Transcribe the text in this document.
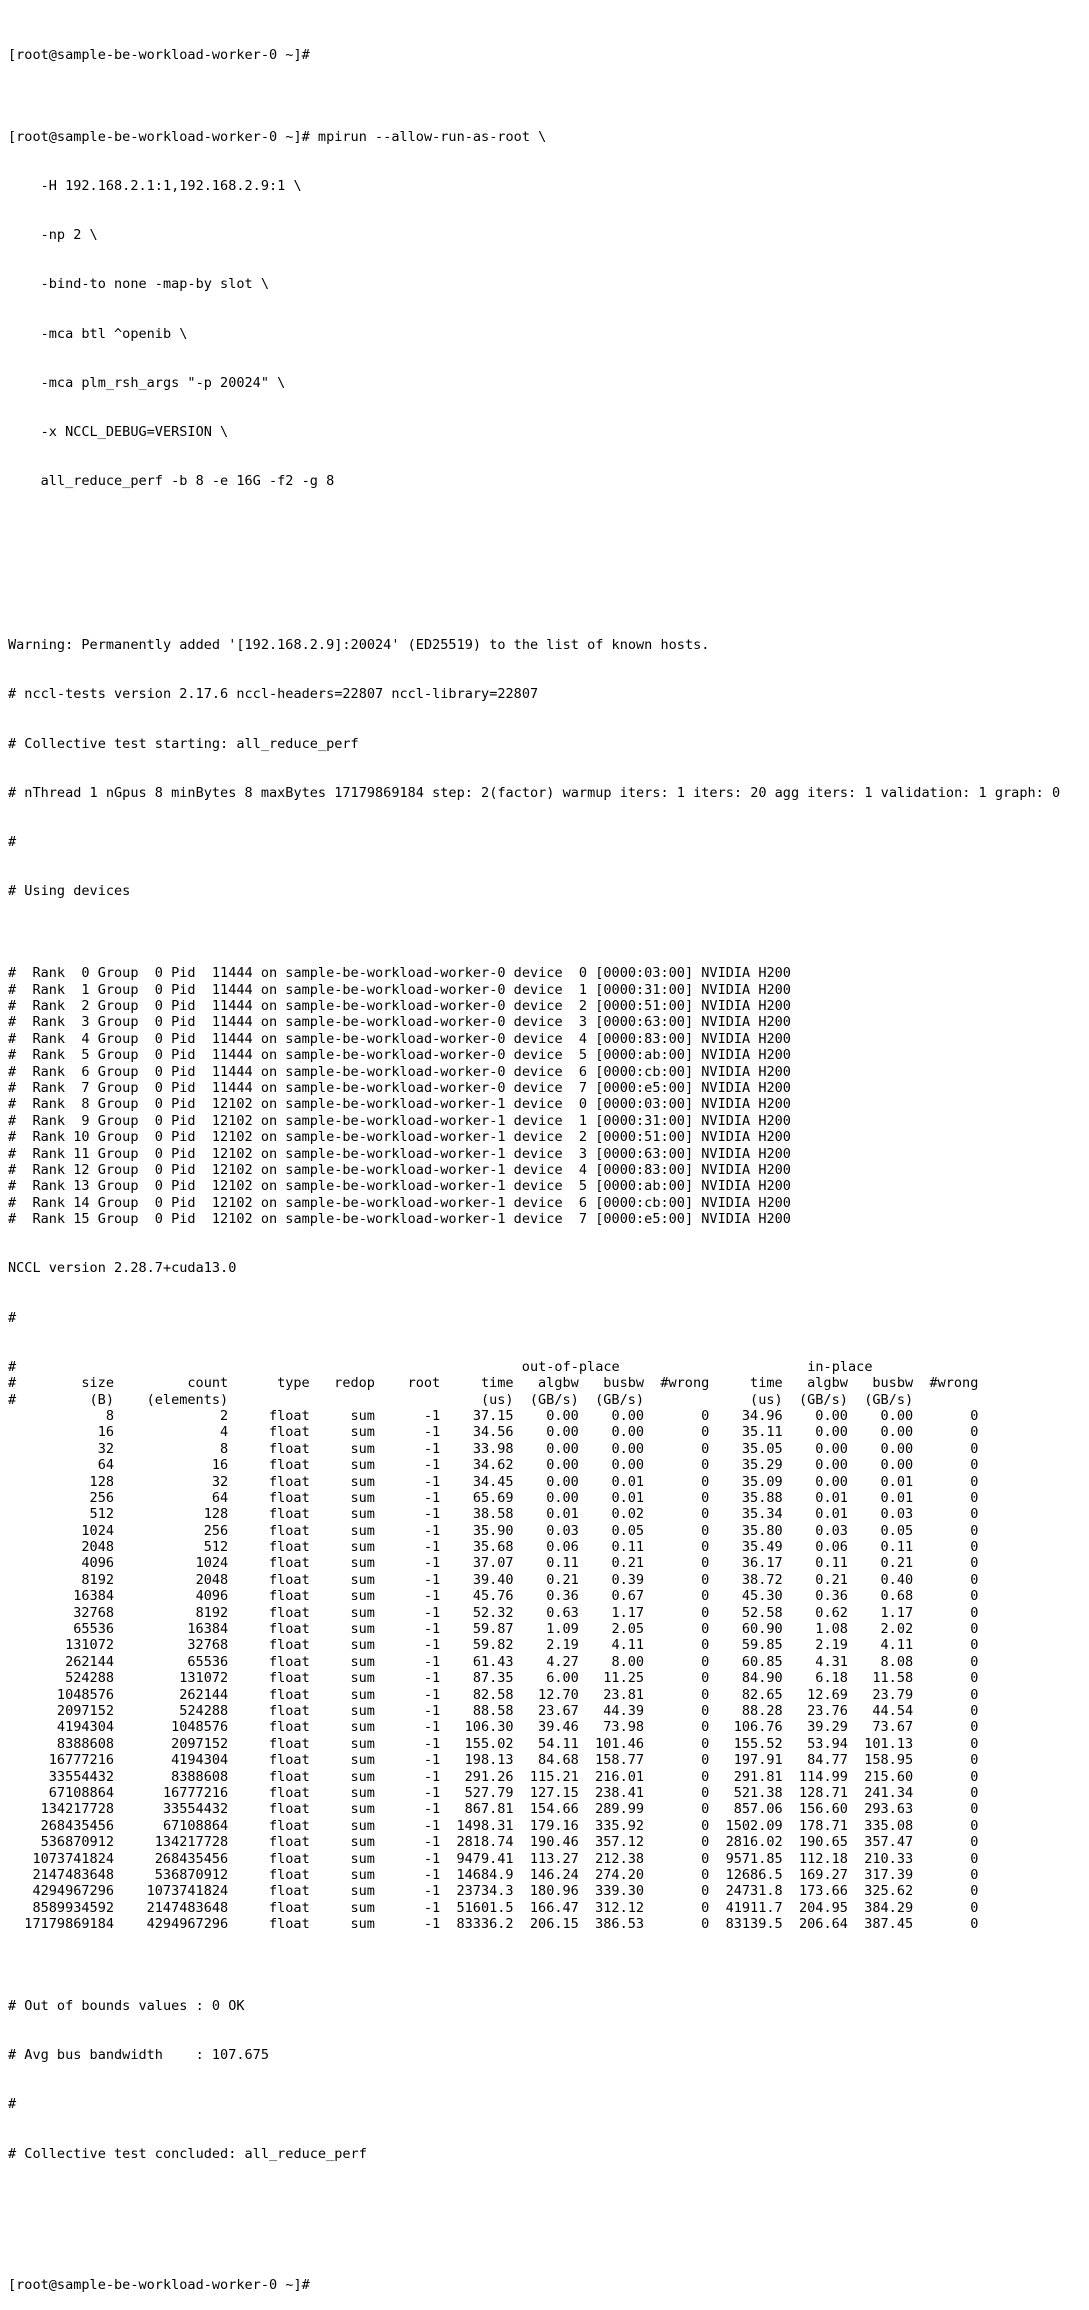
[root@sample-be-workload-worker-0 ~]#

[root@sample-be-workload-worker-0 ~]# mpirun --allow-run-as-root \

-H 192.168.2.1:1,192.168.2.9:1 \

-np 2 \

-bind-to none -map-by slot \

-mca btl ^openib \

-mca plm_rsh_args "-p 20024" \

-x NCCL_DEBUG=VERSION \

all_reduce_perf -b 8 -e 16G -f2 -g 8

Warning: Permanently added '[192.168.2.9]:20024' (ED25519) to the list of known hosts.

# nccl-tests version 2.17.6 nccl-headers=22807 nccl-library=22807

# Collective test starting: all_reduce_perf

# nThread 1 nGpus 8 minBytes 8 maxBytes 17179869184 step: 2(factor) warmup iters: 1 iters: 20 agg iters: 1 validation: 1 graph: 0

#

# Using devices

#  Rank  0 Group  0 Pid  11444 on sample-be-workload-worker-0 device  0 [0000:03:00] NVIDIA H200
#  Rank  1 Group  0 Pid  11444 on sample-be-workload-worker-0 device  1 [0000:31:00] NVIDIA H200
#  Rank  2 Group  0 Pid  11444 on sample-be-workload-worker-0 device  2 [0000:51:00] NVIDIA H200
#  Rank  3 Group  0 Pid  11444 on sample-be-workload-worker-0 device  3 [0000:63:00] NVIDIA H200
#  Rank  4 Group  0 Pid  11444 on sample-be-workload-worker-0 device  4 [0000:83:00] NVIDIA H200
#  Rank  5 Group  0 Pid  11444 on sample-be-workload-worker-0 device  5 [0000:ab:00] NVIDIA H200
#  Rank  6 Group  0 Pid  11444 on sample-be-workload-worker-0 device  6 [0000:cb:00] NVIDIA H200
#  Rank  7 Group  0 Pid  11444 on sample-be-workload-worker-0 device  7 [0000:e5:00] NVIDIA H200
#  Rank  8 Group  0 Pid  12102 on sample-be-workload-worker-1 device  0 [0000:03:00] NVIDIA H200
#  Rank  9 Group  0 Pid  12102 on sample-be-workload-worker-1 device  1 [0000:31:00] NVIDIA H200
#  Rank 10 Group  0 Pid  12102 on sample-be-workload-worker-1 device  2 [0000:51:00] NVIDIA H200
#  Rank 11 Group  0 Pid  12102 on sample-be-workload-worker-1 device  3 [0000:63:00] NVIDIA H200
#  Rank 12 Group  0 Pid  12102 on sample-be-workload-worker-1 device  4 [0000:83:00] NVIDIA H200
#  Rank 13 Group  0 Pid  12102 on sample-be-workload-worker-1 device  5 [0000:ab:00] NVIDIA H200
#  Rank 14 Group  0 Pid  12102 on sample-be-workload-worker-1 device  6 [0000:cb:00] NVIDIA H200
#  Rank 15 Group  0 Pid  12102 on sample-be-workload-worker-1 device  7 [0000:e5:00] NVIDIA H200

NCCL version 2.28.7+cuda13.0

#

#	out-of-place	in-place
#	size	count	type redop root	time algbw busbw #wrong	time algbw busbw #wrong
#	(B) (elements)	(us) (GB/s) (GB/s)	(us) (GB/s) (GB/s)
8	2	float	sum	-1 37.15 0.00 0.00	0 34.96 0.00 0.00	0
16	4	float	sum	-1 34.56 0.00 0.00	0 35.11 0.00 0.00	0
32	8	float	sum	-1 33.98 0.00 0.00	0 35.05 0.00 0.00	0
64	16	float	sum	-1 34.62 0.00 0.00	0 35.29 0.00 0.00	0
128	32	float	sum	-1 34.45 0.00 0.01	0 35.09 0.00 0.01	0
256	64	float	sum	-1 65.69 0.00 0.01	0 35.88 0.01 0.01	0
512	128	float	sum	-1 38.58 0.01 0.02	0 35.34 0.01 0.03	0
1024	256	float	sum	-1 35.90 0.03 0.05	0 35.80 0.03 0.05	0
2048	512	float	sum	-1 35.68 0.06 0.11	0 35.49 0.06 0.11	0
4096	1024	float	sum	-1 37.07 0.11 0.21	0 36.17 0.11 0.21	0
8192	2048	float	sum	-1 39.40 0.21 0.39	0 38.72 0.21 0.40	0
16384	4096	float	sum	-1 45.76 0.36 0.67	0 45.30 0.36 0.68	0
32768	8192	float	sum	-1 52.32 0.63 1.17	0 52.58 0.62 1.17	0
65536	16384	float	sum	-1 59.87 1.09 2.05	0 60.90 1.08 2.02	0
131072	32768	float	sum	-1 59.82 2.19 4.11	0 59.85 2.19 4.11	0
262144	65536	float	sum	-1 61.43 4.27 8.00	0 60.85 4.31 8.08	0
524288	131072	float	sum	-1 87.35 6.00 11.25	0 84.90 6.18 11.58	0
1048576	262144	float	sum	-1 82.58 12.70 23.81	0 82.65 12.69 23.79	0
2097152	524288	float	sum	-1 88.58 23.67 44.39	0 88.28 23.76 44.54	0
4194304	1048576	float	sum	-1 106.30 39.46 73.98	0 106.76 39.29 73.67	0
8388608	2097152	float	sum	-1 155.02 54.11 101.46	0 155.52 53.94 101.13	0
16777216	4194304	float	sum	-1 198.13 84.68 158.77	0 197.91 84.77 158.95	0
33554432	8388608	float	sum	-1 291.26 115.21 216.01	0 291.81 114.99 215.60	0
67108864	16777216	float	sum	-1 527.79 127.15 238.41	0 521.38 128.71 241.34	0
134217728	33554432	float	sum	-1 867.81 154.66 289.99	0 857.06 156.60 293.63	0
268435456	67108864	float	sum	-1 1498.31 179.16 335.92	0 1502.09 178.71 335.08	0
536870912	134217728	float	sum	-1 2818.74 190.46 357.12	0 2816.02 190.65 357.47	0
1073741824	268435456	float	sum	-1 9479.41 113.27 212.38	0 9571.85 112.18 210.33	0
2147483648	536870912	float	sum	-1 14684.9 146.24 274.20	0 12686.5 169.27 317.39	0
4294967296 1073741824	float	sum	-1 23734.3 180.96 339.30	0 24731.8 173.66 325.62	0
8589934592 2147483648	float	sum	-1 51601.5 166.47 312.12	0 41911.7 204.95 384.29	0
17179869184 4294967296	float	sum	-1 83336.2 206.15 386.53	0 83139.5 206.64 387.45	0

# Out of bounds values : 0 OK

# Avg bus bandwidth    : 107.675

#

# Collective test concluded: all_reduce_perf

[root@sample-be-workload-worker-0 ~]#
